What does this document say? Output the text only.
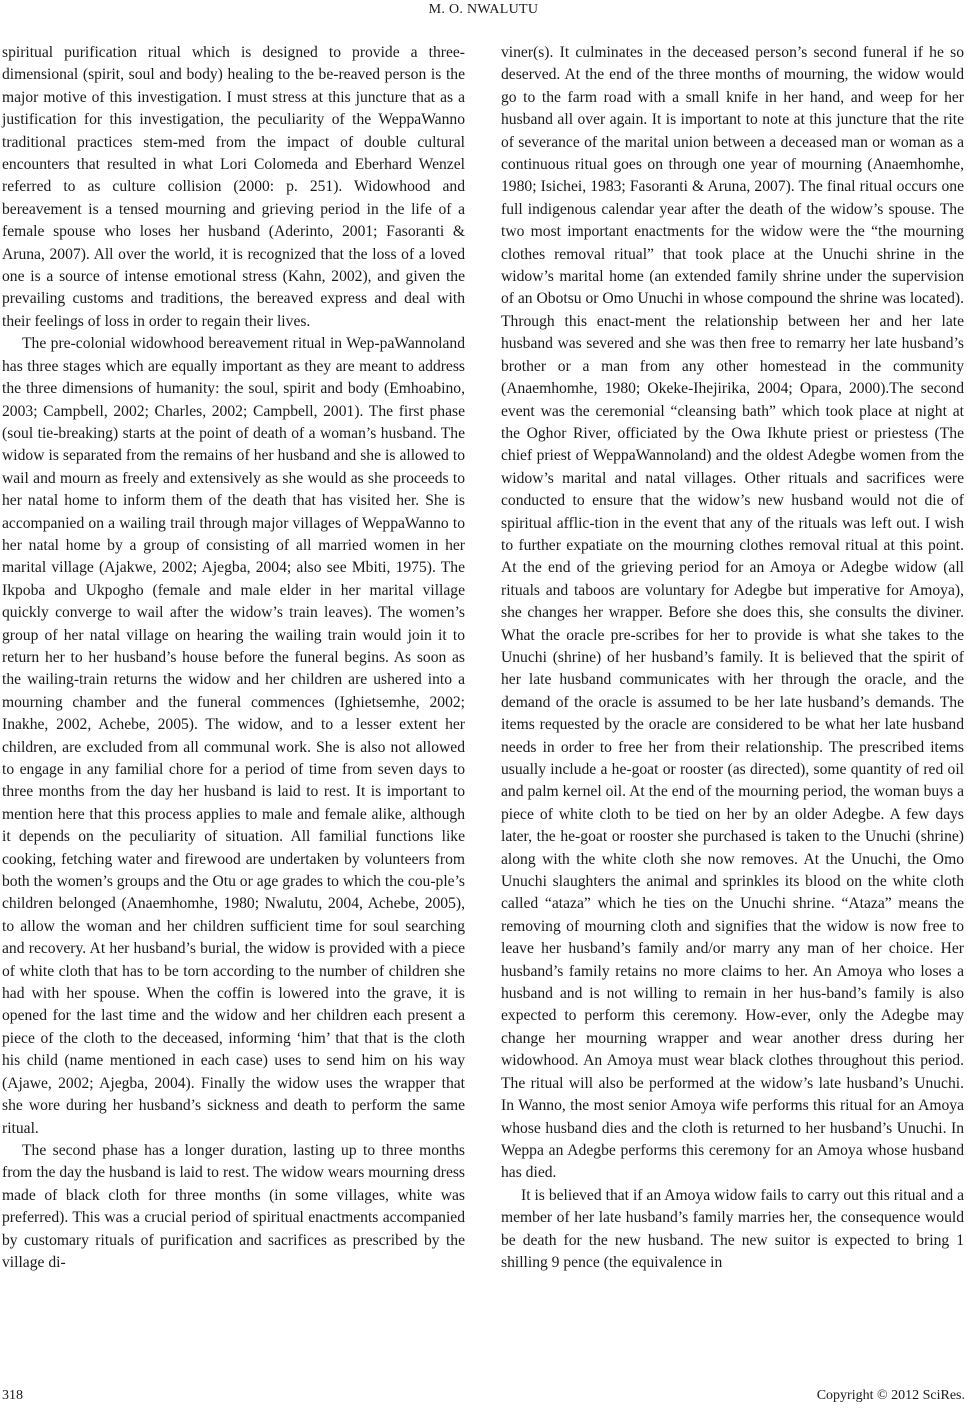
M. O. NWALUTU

spiritual purification ritual which is designed to provide a three-dimensional (spirit, soul and body) healing to the be-reaved person is the major motive of this investigation. I must stress at this juncture that as a justification for this investigation, the peculiarity of the WeppaWanno traditional practices stem-med from the impact of double cultural encounters that resulted in what Lori Colomeda and Eberhard Wenzel referred to as culture collision (2000: p. 251). Widowhood and bereavement is a tensed mourning and grieving period in the life of a female spouse who loses her husband (Aderinto, 2001; Fasoranti & Aruna, 2007). All over the world, it is recognized that the loss of a loved one is a source of intense emotional stress (Kahn, 2002), and given the prevailing customs and traditions, the bereaved express and deal with their feelings of loss in order to regain their lives.

The pre-colonial widowhood bereavement ritual in Wep-paWannoland has three stages which are equally important as they are meant to address the three dimensions of humanity: the soul, spirit and body (Emhoabino, 2003; Campbell, 2002; Charles, 2002; Campbell, 2001). The first phase (soul tie-breaking) starts at the point of death of a woman’s husband. The widow is separated from the remains of her husband and she is allowed to wail and mourn as freely and extensively as she would as she proceeds to her natal home to inform them of the death that has visited her. She is accompanied on a wailing trail through major villages of WeppaWanno to her natal home by a group of consisting of all married women in her marital village (Ajakwe, 2002; Ajegba, 2004; also see Mbiti, 1975). The Ikpoba and Ukpogho (female and male elder in her marital village quickly converge to wail after the widow’s train leaves). The women’s group of her natal village on hearing the wailing train would join it to return her to her husband’s house before the funeral begins. As soon as the wailing-train returns the widow and her children are ushered into a mourning chamber and the funeral commences (Ighietsemhe, 2002; Inakhe, 2002, Achebe, 2005). The widow, and to a lesser extent her children, are excluded from all communal work. She is also not allowed to engage in any familial chore for a period of time from seven days to three months from the day her husband is laid to rest. It is important to mention here that this process applies to male and female alike, although it depends on the peculiarity of situation. All familial functions like cooking, fetching water and firewood are undertaken by volunteers from both the women’s groups and the Otu or age grades to which the cou-ple’s children belonged (Anaemhomhe, 1980; Nwalutu, 2004, Achebe, 2005), to allow the woman and her children sufficient time for soul searching and recovery. At her husband’s burial, the widow is provided with a piece of white cloth that has to be torn according to the number of children she had with her spouse. When the coffin is lowered into the grave, it is opened for the last time and the widow and her children each present a piece of the cloth to the deceased, informing ‘him’ that that is the cloth his child (name mentioned in each case) uses to send him on his way (Ajawe, 2002; Ajegba, 2004). Finally the widow uses the wrapper that she wore during her husband’s sickness and death to perform the same ritual.

The second phase has a longer duration, lasting up to three months from the day the husband is laid to rest. The widow wears mourning dress made of black cloth for three months (in some villages, white was preferred). This was a crucial period of spiritual enactments accompanied by customary rituals of purification and sacrifices as prescribed by the village di-

viner(s). It culminates in the deceased person’s second funeral if he so deserved. At the end of the three months of mourning, the widow would go to the farm road with a small knife in her hand, and weep for her husband all over again. It is important to note at this juncture that the rite of severance of the marital union between a deceased man or woman as a continuous ritual goes on through one year of mourning (Anaemhomhe, 1980; Isichei, 1983; Fasoranti & Aruna, 2007). The final ritual occurs one full indigenous calendar year after the death of the widow’s spouse. The two most important enactments for the widow were the “the mourning clothes removal ritual” that took place at the Unuchi shrine in the widow’s marital home (an extended family shrine under the supervision of an Obotsu or Omo Unuchi in whose compound the shrine was located). Through this enact-ment the relationship between her and her late husband was severed and she was then free to remarry her late husband’s brother or a man from any other homestead in the community (Anaemhomhe, 1980; Okeke-Ihejirika, 2004; Opara, 2000).The second event was the ceremonial “cleansing bath” which took place at night at the Oghor River, officiated by the Owa Ikhute priest or priestess (The chief priest of WeppaWannoland) and the oldest Adegbe women from the widow’s marital and natal villages. Other rituals and sacrifices were conducted to ensure that the widow’s new husband would not die of spiritual afflic-tion in the event that any of the rituals was left out. I wish to further expatiate on the mourning clothes removal ritual at this point. At the end of the grieving period for an Amoya or Adegbe widow (all rituals and taboos are voluntary for Adegbe but imperative for Amoya), she changes her wrapper. Before she does this, she consults the diviner. What the oracle pre-scribes for her to provide is what she takes to the Unuchi (shrine) of her husband’s family. It is believed that the spirit of her late husband communicates with her through the oracle, and the demand of the oracle is assumed to be her late husband’s demands. The items requested by the oracle are considered to be what her late husband needs in order to free her from their relationship. The prescribed items usually include a he-goat or rooster (as directed), some quantity of red oil and palm kernel oil. At the end of the mourning period, the woman buys a piece of white cloth to be tied on her by an older Adegbe. A few days later, the he-goat or rooster she purchased is taken to the Unuchi (shrine) along with the white cloth she now removes. At the Unuchi, the Omo Unuchi slaughters the animal and sprinkles its blood on the white cloth called “ataza” which he ties on the Unuchi shrine. “Ataza” means the removing of mourning cloth and signifies that the widow is now free to leave her husband’s family and/or marry any man of her choice. Her husband’s family retains no more claims to her. An Amoya who loses a husband and is not willing to remain in her hus-band’s family is also expected to perform this ceremony. How-ever, only the Adegbe may change her mourning wrapper and wear another dress during her widowhood. An Amoya must wear black clothes throughout this period. The ritual will also be performed at the widow’s late husband’s Unuchi. In Wanno, the most senior Amoya wife performs this ritual for an Amoya whose husband dies and the cloth is returned to her husband’s Unuchi. In Weppa an Adegbe performs this ceremony for an Amoya whose husband has died.

It is believed that if an Amoya widow fails to carry out this ritual and a member of her late husband’s family marries her, the consequence would be death for the new husband. The new suitor is expected to bring 1 shilling 9 pence (the equivalence in

318	Copyright © 2012 SciRes.
